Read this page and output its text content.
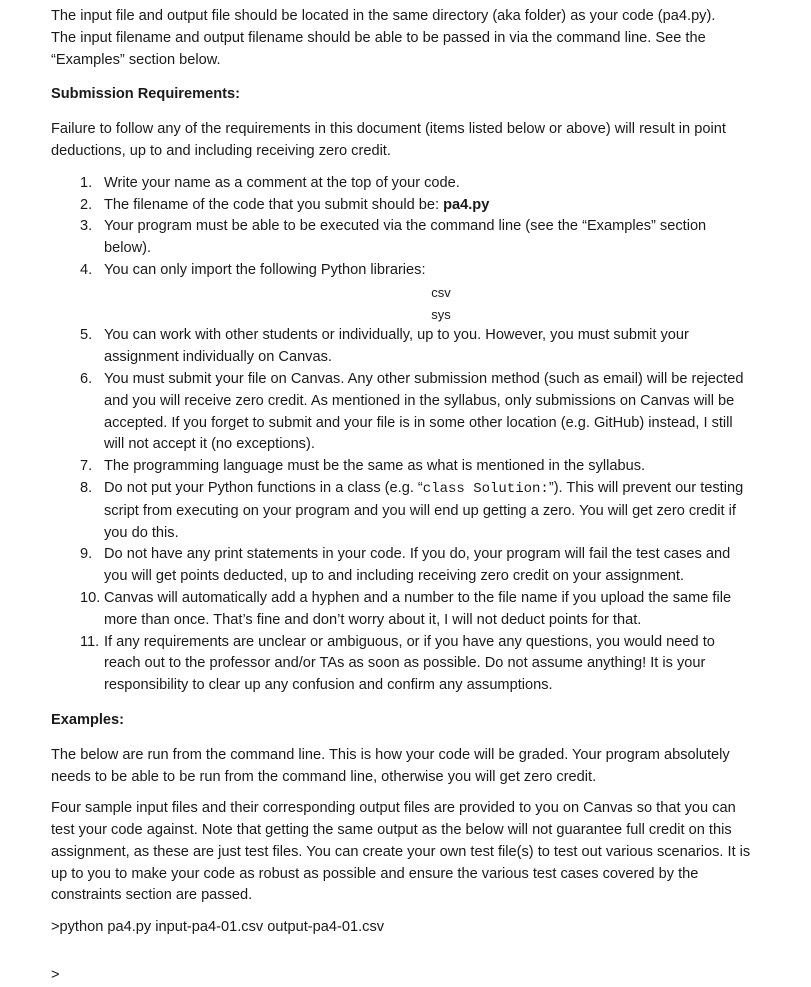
The input file and output file should be located in the same directory (aka folder) as your code (pa4.py).
The input filename and output filename should be able to be passed in via the command line. See the
“Examples” section below.

Submission Requirements:

Failure to follow any of the requirements in this document (items listed below or above) will result in point deductions, up to and including receiving zero credit.

1. Write your name as a comment at the top of your code.
2. The filename of the code that you submit should be: pa4.py
3. Your program must be able to be executed via the command line (see the “Examples” section below).
4. You can only import the following Python libraries:
csv
sys
5. You can work with other students or individually, up to you. However, you must submit your assignment individually on Canvas.
6. You must submit your file on Canvas. Any other submission method (such as email) will be rejected and you will receive zero credit. As mentioned in the syllabus, only submissions on Canvas will be accepted. If you forget to submit and your file is in some other location (e.g. GitHub) instead, I still will not accept it (no exceptions).
7. The programming language must be the same as what is mentioned in the syllabus.
8. Do not put your Python functions in a class (e.g. “class Solution:”). This will prevent our testing script from executing on your program and you will end up getting a zero. You will get zero credit if you do this.
9. Do not have any print statements in your code. If you do, your program will fail the test cases and you will get points deducted, up to and including receiving zero credit on your assignment.
10. Canvas will automatically add a hyphen and a number to the file name if you upload the same file more than once. That’s fine and don’t worry about it, I will not deduct points for that.
11. If any requirements are unclear or ambiguous, or if you have any questions, you would need to reach out to the professor and/or TAs as soon as possible. Do not assume anything! It is your responsibility to clear up any confusion and confirm any assumptions.
Examples:

The below are run from the command line. This is how your code will be graded. Your program absolutely needs to be able to be run from the command line, otherwise you will get zero credit.

Four sample input files and their corresponding output files are provided to you on Canvas so that you can test your code against. Note that getting the same output as the below will not guarantee full credit on this assignment, as these are just test files. You can create your own test file(s) to test out various scenarios. It is up to you to make your code as robust as possible and ensure the various test cases covered by the constraints section are passed.

>python pa4.py input-pa4-01.csv output-pa4-01.csv

>
